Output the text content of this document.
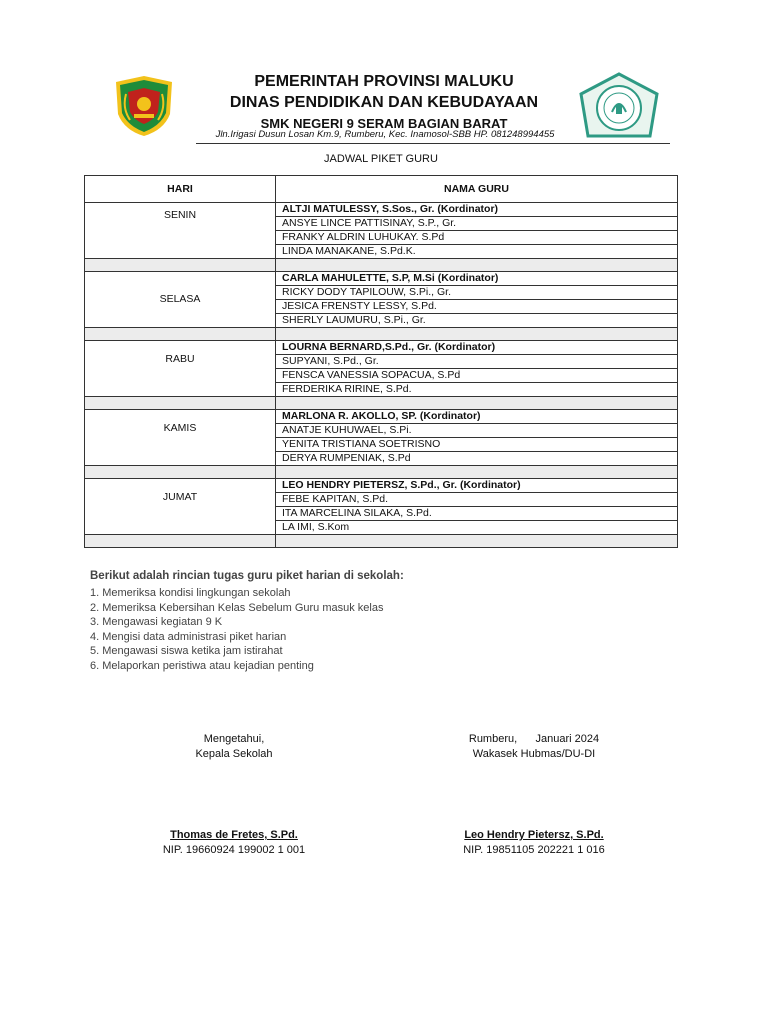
PEMERINTAH PROVINSI MALUKU
DINAS PENDIDIKAN DAN KEBUDAYAAN
SMK NEGERI 9 SERAM BAGIAN BARAT
Jln.Irigasi Dusun Losan Km.9, Rumberu, Kec. Inamosol-SBB HP. 081248994455
JADWAL PIKET GURU
HARI	NAMA GURU
SENIN	ALTJI MATULESSY, S.Sos., Gr. (Kordinator)
	ANSYE LINCE PATTISINAY, S.P., Gr.
	FRANKY ALDRIN LUHUKAY. S.Pd
	LINDA MANAKANE, S.Pd.K.

SELASA	CARLA MAHULETTE, S.P, M.Si (Kordinator)
	RICKY DODY TAPILOUW, S.Pi., Gr.
	JESICA FRENSTY LESSY, S.Pd.
	SHERLY LAUMURU, S.Pi., Gr.

RABU	LOURNA BERNARD,S.Pd., Gr. (Kordinator)
	SUPYANI, S.Pd., Gr.
	FENSCA VANESSIA SOPACUA, S.Pd
	FERDERIKA RIRINE, S.Pd.

KAMIS	MARLONA R. AKOLLO, SP. (Kordinator)
	ANATJE KUHUWAEL, S.Pi.
	YENITA TRISTIANA SOETRISNO
	DERYA RUMPENIAK, S.Pd

JUMAT	LEO HENDRY PIETERSZ, S.Pd., Gr. (Kordinator)
	FEBE KAPITAN, S.Pd.
	ITA MARCELINA SILAKA, S.Pd.
	LA IMI, S.Kom

Berikut adalah rincian tugas guru piket harian di sekolah:
1. Memeriksa kondisi lingkungan sekolah
2. Memeriksa Kebersihan Kelas Sebelum Guru masuk kelas
3. Mengawasi kegiatan 9 K
4. Mengisi data administrasi piket harian
5. Mengawasi siswa ketika jam istirahat
6. Melaporkan peristiwa atau kejadian penting
Mengetahui,
Kepala Sekolah
Thomas de Fretes, S.Pd.
NIP. 19660924 199002 1 001
Rumberu,      Januari 2024
Wakasek Hubmas/DU-DI
Leo Hendry Pietersz, S.Pd.
NIP. 19851105 202221 1 016
